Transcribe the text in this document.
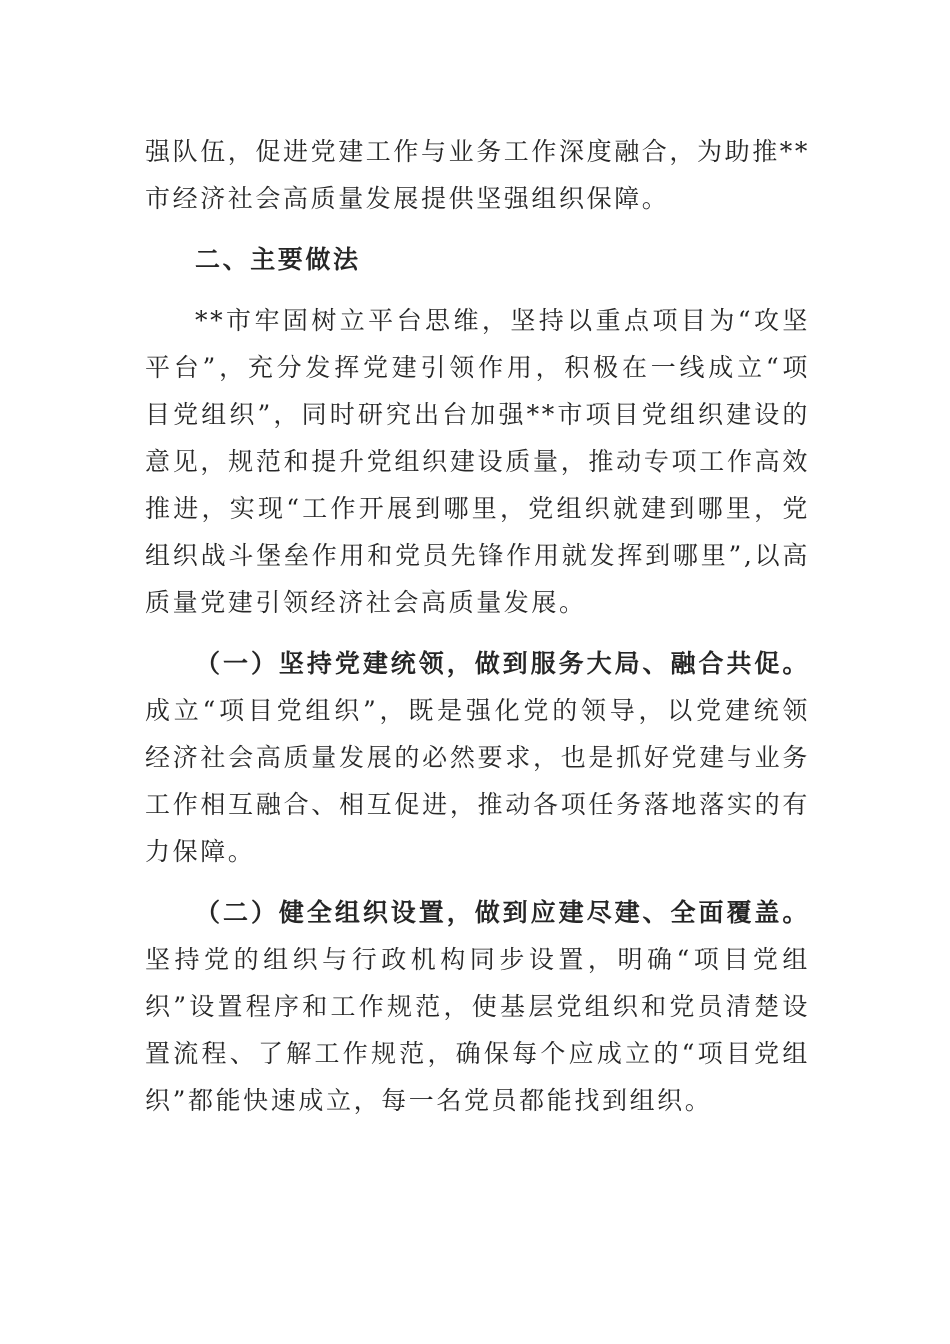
强队伍，促进党建工作与业务工作深度融合，为助推**市经济社会高质量发展提供坚强组织保障。

二、主要做法

**市牢固树立平台思维，坚持以重点项目为“攻坚平台”，充分发挥党建引领作用，积极在一线成立“项目党组织”，同时研究出台加强**市项目党组织建设的意见，规范和提升党组织建设质量，推动专项工作高效推进，实现“工作开展到哪里，党组织就建到哪里，党组织战斗堡垒作用和党员先锋作用就发挥到哪里”,以高质量党建引领经济社会高质量发展。

（一）坚持党建统领，做到服务大局、融合共促。成立“项目党组织”，既是强化党的领导，以党建统领经济社会高质量发展的必然要求，也是抓好党建与业务工作相互融合、相互促进，推动各项任务落地落实的有力保障。

（二）健全组织设置，做到应建尽建、全面覆盖。坚持党的组织与行政机构同步设置，明确“项目党组织”设置程序和工作规范，使基层党组织和党员清楚设置流程、了解工作规范，确保每个应成立的“项目党组织”都能快速成立，每一名党员都能找到组织。
